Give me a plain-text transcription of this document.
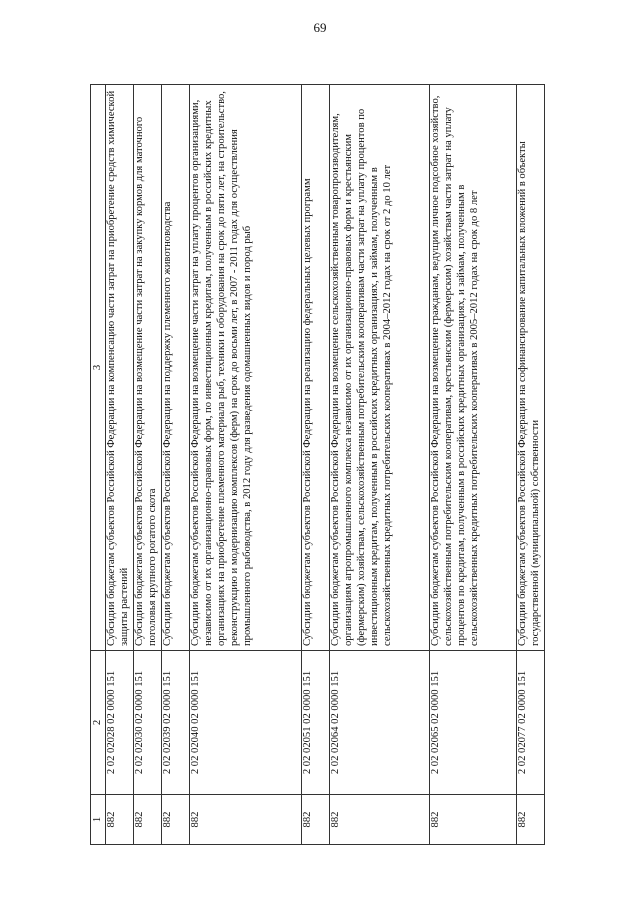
69
1	2	3
882	2 02 02028 02 0000 151	Субсидии бюджетам субъектов Российской Федерации на компенсацию части затрат на приобретение средств химической защиты растений
882	2 02 02030 02 0000 151	Субсидии бюджетам субъектов Российской Федерации на возмещение части затрат на закупку кормов для маточного поголовья крупного рогатого скота
882	2 02 02039 02 0000 151	Субсидии бюджетам субъектов Российской Федерации на поддержку племенного животноводства
882	2 02 02040 02 0000 151	Субсидии бюджетам субъектов Российской Федерации на возмещение части затрат на уплату процентов организациями, независимо от их организационно-правовых форм, по инвестиционным кредитам, полученным в российских кредитных организациях на приобретение племенного материала рыб, техники и оборудования на срок до пяти лет, на строительство, реконструкцию и модернизацию комплексов (ферм) на срок до восьми лет, в 2007 - 2011 годах для осуществления промышленного рыбоводства, в 2012 году для разведения одомашненных видов и пород рыб
882	2 02 02051 02 0000 151	Субсидии бюджетам субъектов Российской Федерации на реализацию федеральных целевых программ
882	2 02 02064 02 0000 151	Субсидии бюджетам субъектов Российской Федерации на возмещение сельскохозяйственным товаропроизводителям, организациям агропромышленного комплекса независимо от их организационно-правовых форм и крестьянским (фермерским) хозяйствам, сельскохозяйственным потребительским кооперативам части затрат на уплату процентов по инвестиционным кредитам, полученным в российских кредитных организациях, и займам, полученным в сельскохозяйственных кредитных потребительских кооперативах в 2004–2012 годах на срок от 2 до 10 лет
882	2 02 02065 02 0000 151	Субсидии бюджетам субъектов Российской Федерации на возмещение гражданам, ведущим личное подсобное хозяйство, сельскохозяйственным потребительским кооперативам, крестьянским (фермерским) хозяйствам части затрат на уплату процентов по кредитам, полученным в российских кредитных организациях, и займам, полученным в сельскохозяйственных кредитных потребительских кооперативах в 2005–2012 годах на срок до 8 лет
882	2 02 02077 02 0000 151	Субсидии бюджетам субъектов Российской Федерации на софинансирование капитальных вложений в объекты государственной (муниципальной) собственности
